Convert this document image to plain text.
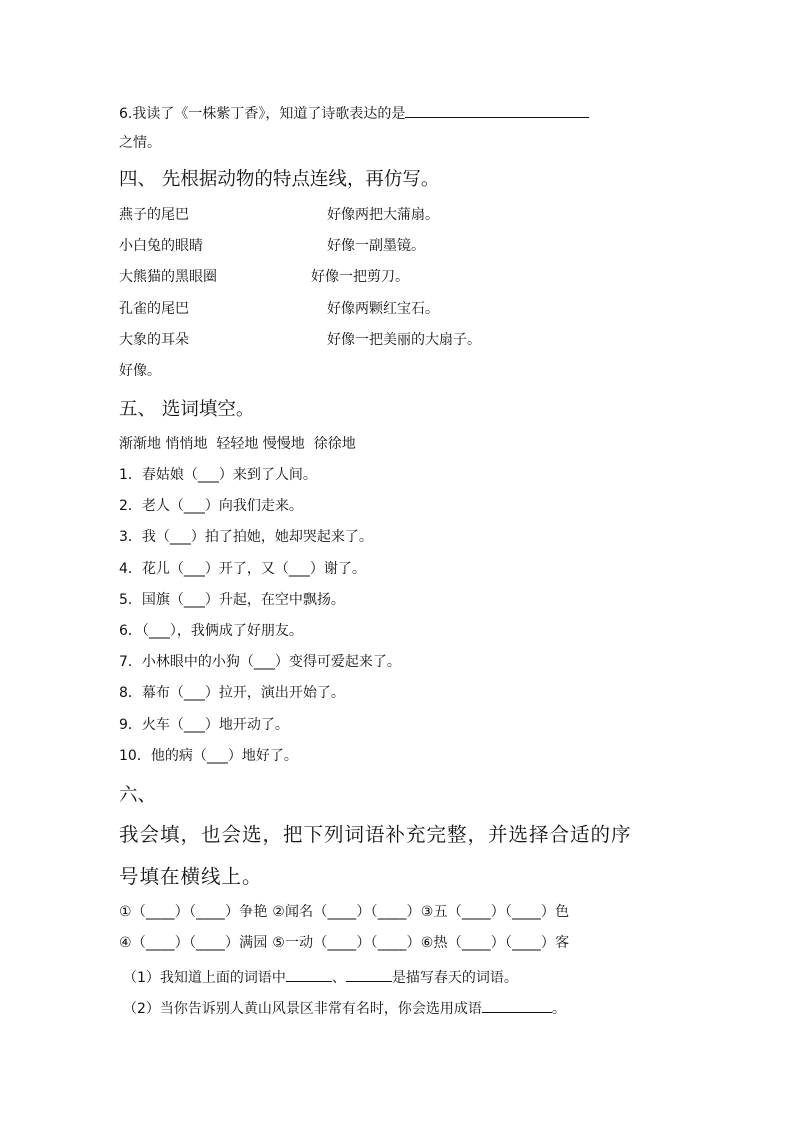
6.我读了《一株紫丁香》，知道了诗歌表达的是
之情。
四、 先根据动物的特点连线，再仿写。
燕子的尾巴	好像两把大蒲扇。
小白兔的眼睛	好像一副墨镜。
大熊猫的黑眼圈	好像一把剪刀。
孔雀的尾巴	好像两颗红宝石。
大象的耳朵	好像一把美丽的大扇子。
好像。
五、 选词填空。
渐渐地 悄悄地  轻轻地 慢慢地  徐徐地
1．春姑娘（___）来到了人间。
2．老人（___）向我们走来。
3．我（___）拍了拍她，她却哭起来了。
4．花儿（___）开了，又（___）谢了。
5．国旗（___）升起，在空中飘扬。
6．（___），我俩成了好朋友。
7．小林眼中的小狗（___）变得可爱起来了。
8．幕布（___）拉开，演出开始了。
9．火车（___）地开动了。
10．他的病（___）地好了。
六、
我会填，也会选，把下列词语补充完整，并选择合适的序
号填在横线上。
①（____）（____）争艳 ②闻名（____）（____）③五（____）（____）色
④（____）（____）满园 ⑤一动（____）（____）⑥热（____）（____）客
（1）我知道上面的词语中	、	是描写春天的词语。
（2）当你告诉别人黄山风景区非常有名时，你会选用成语	。
